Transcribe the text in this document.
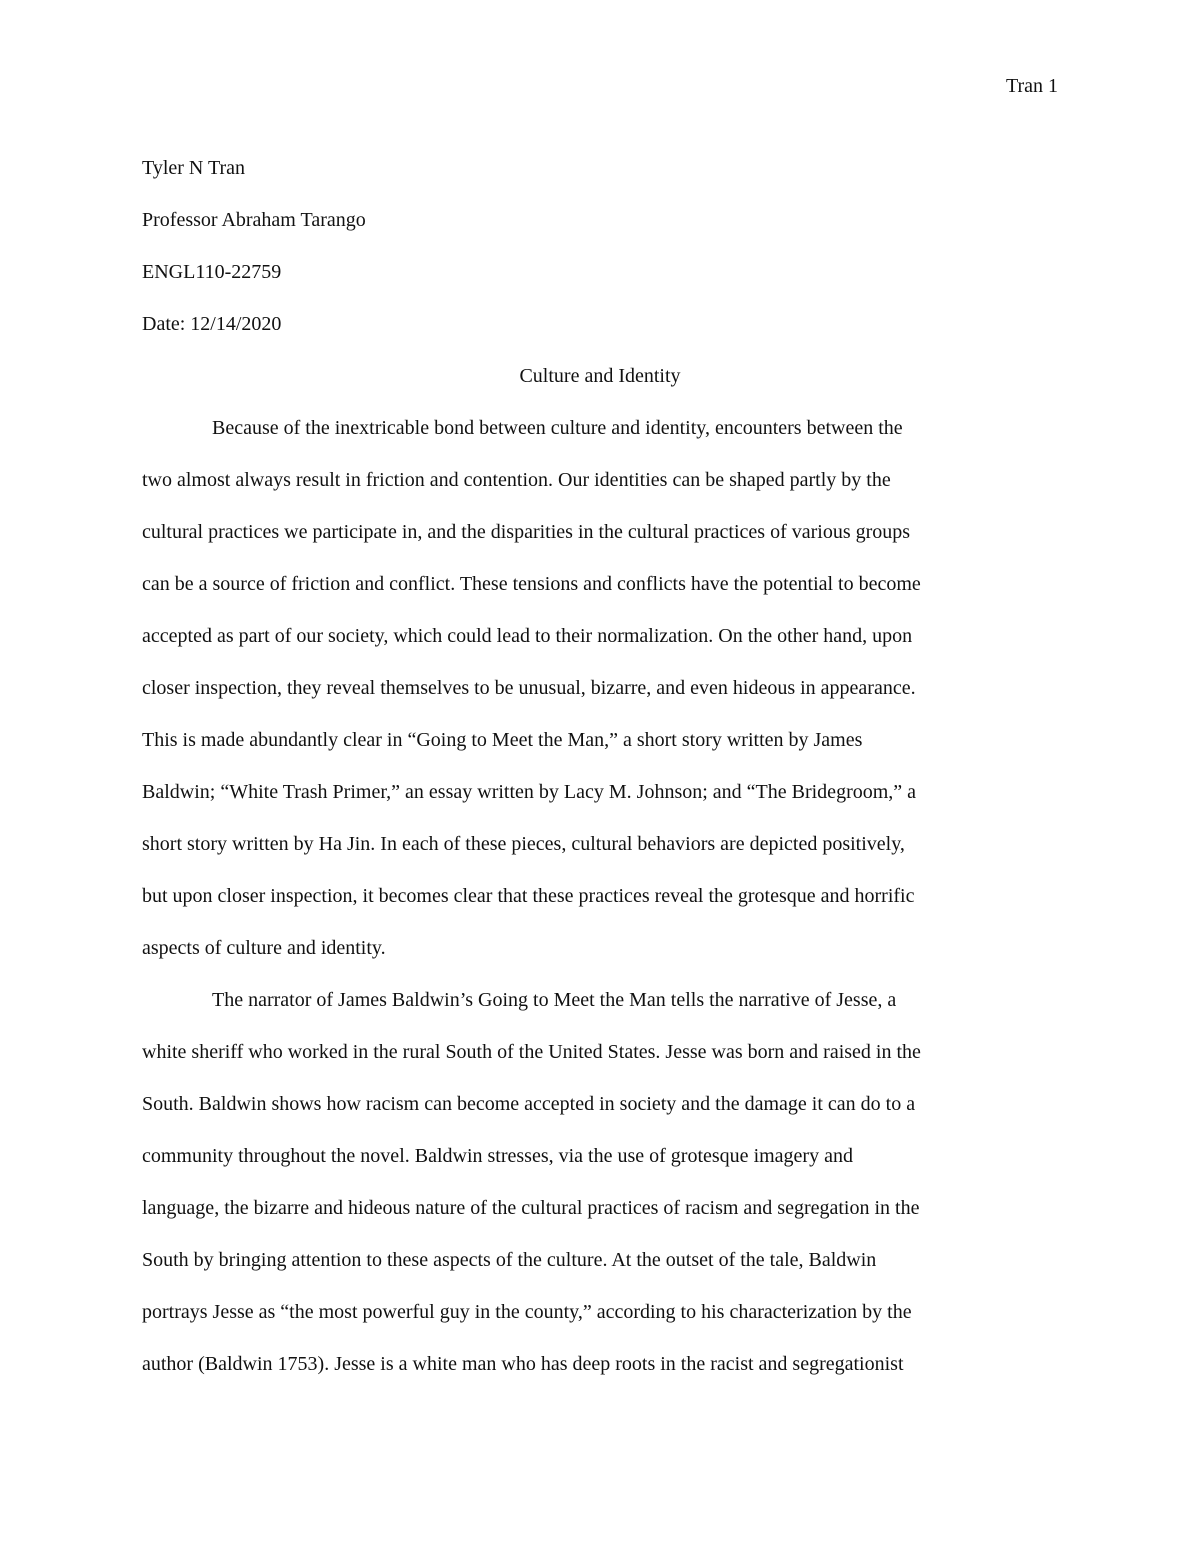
Tran 1

Tyler N Tran

Professor Abraham Tarango

ENGL110-22759

Date: 12/14/2020

Culture and Identity

Because of the inextricable bond between culture and identity, encounters between the
two almost always result in friction and contention. Our identities can be shaped partly by the
cultural practices we participate in, and the disparities in the cultural practices of various groups
can be a source of friction and conflict. These tensions and conflicts have the potential to become
accepted as part of our society, which could lead to their normalization. On the other hand, upon
closer inspection, they reveal themselves to be unusual, bizarre, and even hideous in appearance.
This is made abundantly clear in “Going to Meet the Man,” a short story written by James
Baldwin; “White Trash Primer,” an essay written by Lacy M. Johnson; and “The Bridegroom,” a
short story written by Ha Jin. In each of these pieces, cultural behaviors are depicted positively,
but upon closer inspection, it becomes clear that these practices reveal the grotesque and horrific
aspects of culture and identity.
The narrator of James Baldwin’s Going to Meet the Man tells the narrative of Jesse, a
white sheriff who worked in the rural South of the United States. Jesse was born and raised in the
South. Baldwin shows how racism can become accepted in society and the damage it can do to a
community throughout the novel. Baldwin stresses, via the use of grotesque imagery and
language, the bizarre and hideous nature of the cultural practices of racism and segregation in the
South by bringing attention to these aspects of the culture. At the outset of the tale, Baldwin
portrays Jesse as “the most powerful guy in the county,” according to his characterization by the
author (Baldwin 1753). Jesse is a white man who has deep roots in the racist and segregationist
